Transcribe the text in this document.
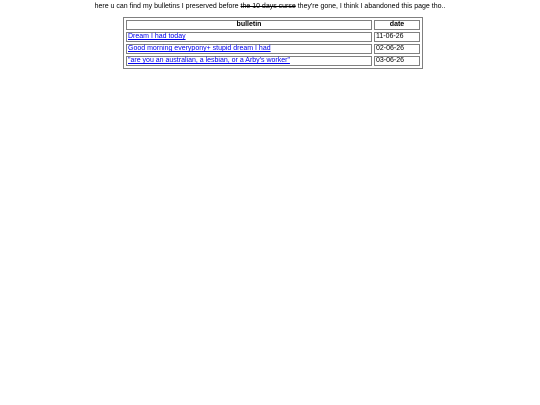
here u can find my bulletins I preserved before the 10 days curse they're gone, I think I abandoned this page tho..
bulletin	date
Dream I had today	11-06-26
Good morning everypony+ stupid dream I had	02-06-26
"are you an australian, a lesbian, or a Arby's worker"	03-06-26
